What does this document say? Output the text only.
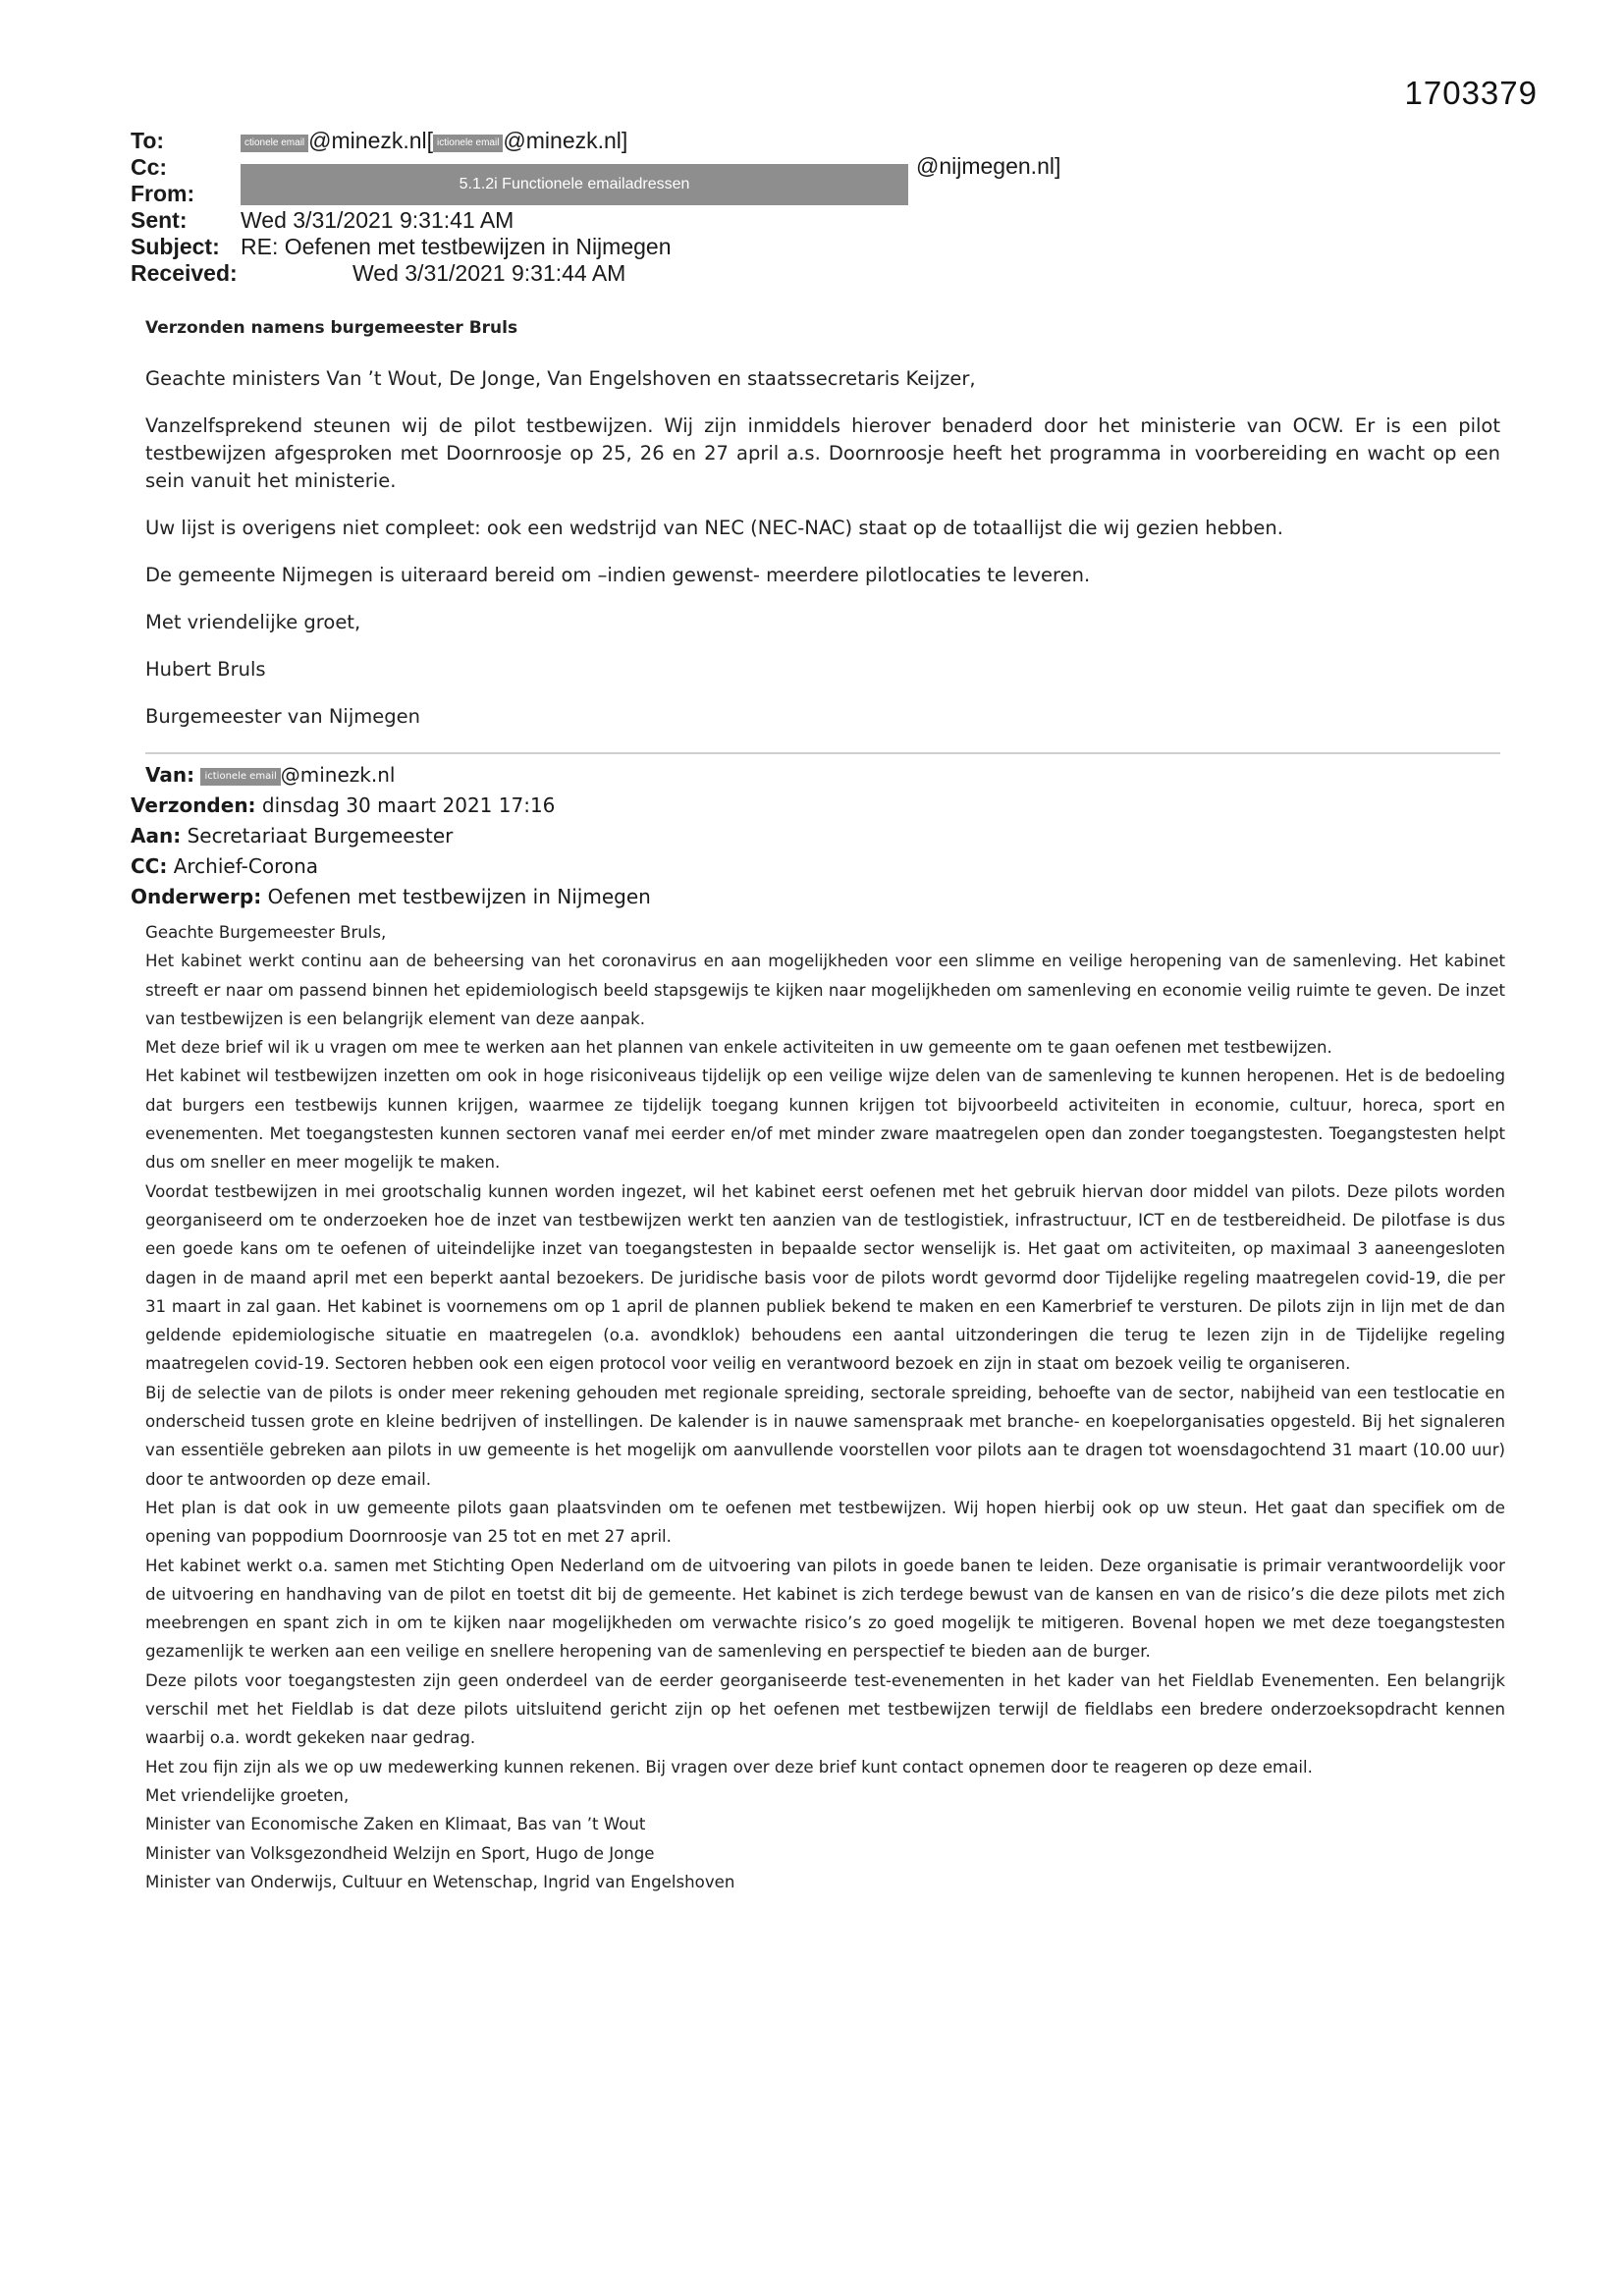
1703379
To:	ctionele email @minezk.nl[ ictionele email @minezk.nl]
Cc:
From:	5.1.2i Functionele emailadressen
@nijmegen.nl]
Sent: Wed 3/31/2021 9:31:41 AM
Subject: RE: Oefenen met testbewijzen in Nijmegen
Received:	Wed 3/31/2021 9:31:44 AM

Verzonden namens burgemeester Bruls

Geachte ministers Van ’t Wout, De Jonge, Van Engelshoven en staatssecretaris Keijzer,

Vanzelfsprekend steunen wij de pilot testbewijzen. Wij zijn inmiddels hierover benaderd door het ministerie van OCW. Er is een pilot testbewijzen afgesproken met Doornroosje op 25, 26 en 27 april a.s. Doornroosje heeft het programma in voorbereiding en wacht op een sein vanuit het ministerie.

Uw lijst is overigens niet compleet: ook een wedstrijd van NEC (NEC-NAC) staat op de totaallijst die wij gezien hebben.

De gemeente Nijmegen is uiteraard bereid om –indien gewenst- meerdere pilotlocaties te leveren.

Met vriendelijke groet,

Hubert Bruls

Burgemeester van Nijmegen

Van: ictionele email @minezk.nl
Verzonden: dinsdag 30 maart 2021 17:16
Aan: Secretariaat Burgemeester
CC: Archief-Corona
Onderwerp: Oefenen met testbewijzen in Nijmegen

Geachte Burgemeester Bruls,

Het kabinet werkt continu aan de beheersing van het coronavirus en aan mogelijkheden voor een slimme en veilige heropening van de samenleving. Het kabinet streeft er naar om passend binnen het epidemiologisch beeld stapsgewijs te kijken naar mogelijkheden om samenleving en economie veilig ruimte te geven. De inzet van testbewijzen is een belangrijk element van deze aanpak.

Met deze brief wil ik u vragen om mee te werken aan het plannen van enkele activiteiten in uw gemeente om te gaan oefenen met testbewijzen.

Het kabinet wil testbewijzen inzetten om ook in hoge risiconiveaus tijdelijk op een veilige wijze delen van de samenleving te kunnen heropenen. Het is de bedoeling dat burgers een testbewijs kunnen krijgen, waarmee ze tijdelijk toegang kunnen krijgen tot bijvoorbeeld activiteiten in economie, cultuur, horeca, sport en evenementen. Met toegangstesten kunnen sectoren vanaf mei eerder en/of met minder zware maatregelen open dan zonder toegangstesten. Toegangstesten helpt dus om sneller en meer mogelijk te maken.

Voordat testbewijzen in mei grootschalig kunnen worden ingezet, wil het kabinet eerst oefenen met het gebruik hiervan door middel van pilots. Deze pilots worden georganiseerd om te onderzoeken hoe de inzet van testbewijzen werkt ten aanzien van de testlogistiek, infrastructuur, ICT en de testbereidheid. De pilotfase is dus een goede kans om te oefenen of uiteindelijke inzet van toegangstesten in bepaalde sector wenselijk is. Het gaat om activiteiten, op maximaal 3 aaneengesloten dagen in de maand april met een beperkt aantal bezoekers. De juridische basis voor de pilots wordt gevormd door Tijdelijke regeling maatregelen covid-19, die per 31 maart in zal gaan. Het kabinet is voornemens om op 1 april de plannen publiek bekend te maken en een Kamerbrief te versturen. De pilots zijn in lijn met de dan geldende epidemiologische situatie en maatregelen (o.a. avondklok) behoudens een aantal uitzonderingen die terug te lezen zijn in de Tijdelijke regeling maatregelen covid-19. Sectoren hebben ook een eigen protocol voor veilig en verantwoord bezoek en zijn in staat om bezoek veilig te organiseren.

Bij de selectie van de pilots is onder meer rekening gehouden met regionale spreiding, sectorale spreiding, behoefte van de sector, nabijheid van een testlocatie en onderscheid tussen grote en kleine bedrijven of instellingen. De kalender is in nauwe samenspraak met branche- en koepelorganisaties opgesteld. Bij het signaleren van essentiële gebreken aan pilots in uw gemeente is het mogelijk om aanvullende voorstellen voor pilots aan te dragen tot woensdagochtend 31 maart (10.00 uur) door te antwoorden op deze email.

Het plan is dat ook in uw gemeente pilots gaan plaatsvinden om te oefenen met testbewijzen. Wij hopen hierbij ook op uw steun. Het gaat dan specifiek om de opening van poppodium Doornroosje van 25 tot en met 27 april.

Het kabinet werkt o.a. samen met Stichting Open Nederland om de uitvoering van pilots in goede banen te leiden. Deze organisatie is primair verantwoordelijk voor de uitvoering en handhaving van de pilot en toetst dit bij de gemeente. Het kabinet is zich terdege bewust van de kansen en van de risico’s die deze pilots met zich meebrengen en spant zich in om te kijken naar mogelijkheden om verwachte risico’s zo goed mogelijk te mitigeren. Bovenal hopen we met deze toegangstesten gezamenlijk te werken aan een veilige en snellere heropening van de samenleving en perspectief te bieden aan de burger.

Deze pilots voor toegangstesten zijn geen onderdeel van de eerder georganiseerde test-evenementen in het kader van het Fieldlab Evenementen. Een belangrijk verschil met het Fieldlab is dat deze pilots uitsluitend gericht zijn op het oefenen met testbewijzen terwijl de fieldlabs een bredere onderzoeksopdracht kennen waarbij o.a. wordt gekeken naar gedrag.

Het zou fijn zijn als we op uw medewerking kunnen rekenen. Bij vragen over deze brief kunt contact opnemen door te reageren op deze email.

Met vriendelijke groeten,

Minister van Economische Zaken en Klimaat, Bas van ’t Wout

Minister van Volksgezondheid Welzijn en Sport, Hugo de Jonge

Minister van Onderwijs, Cultuur en Wetenschap, Ingrid van Engelshoven
